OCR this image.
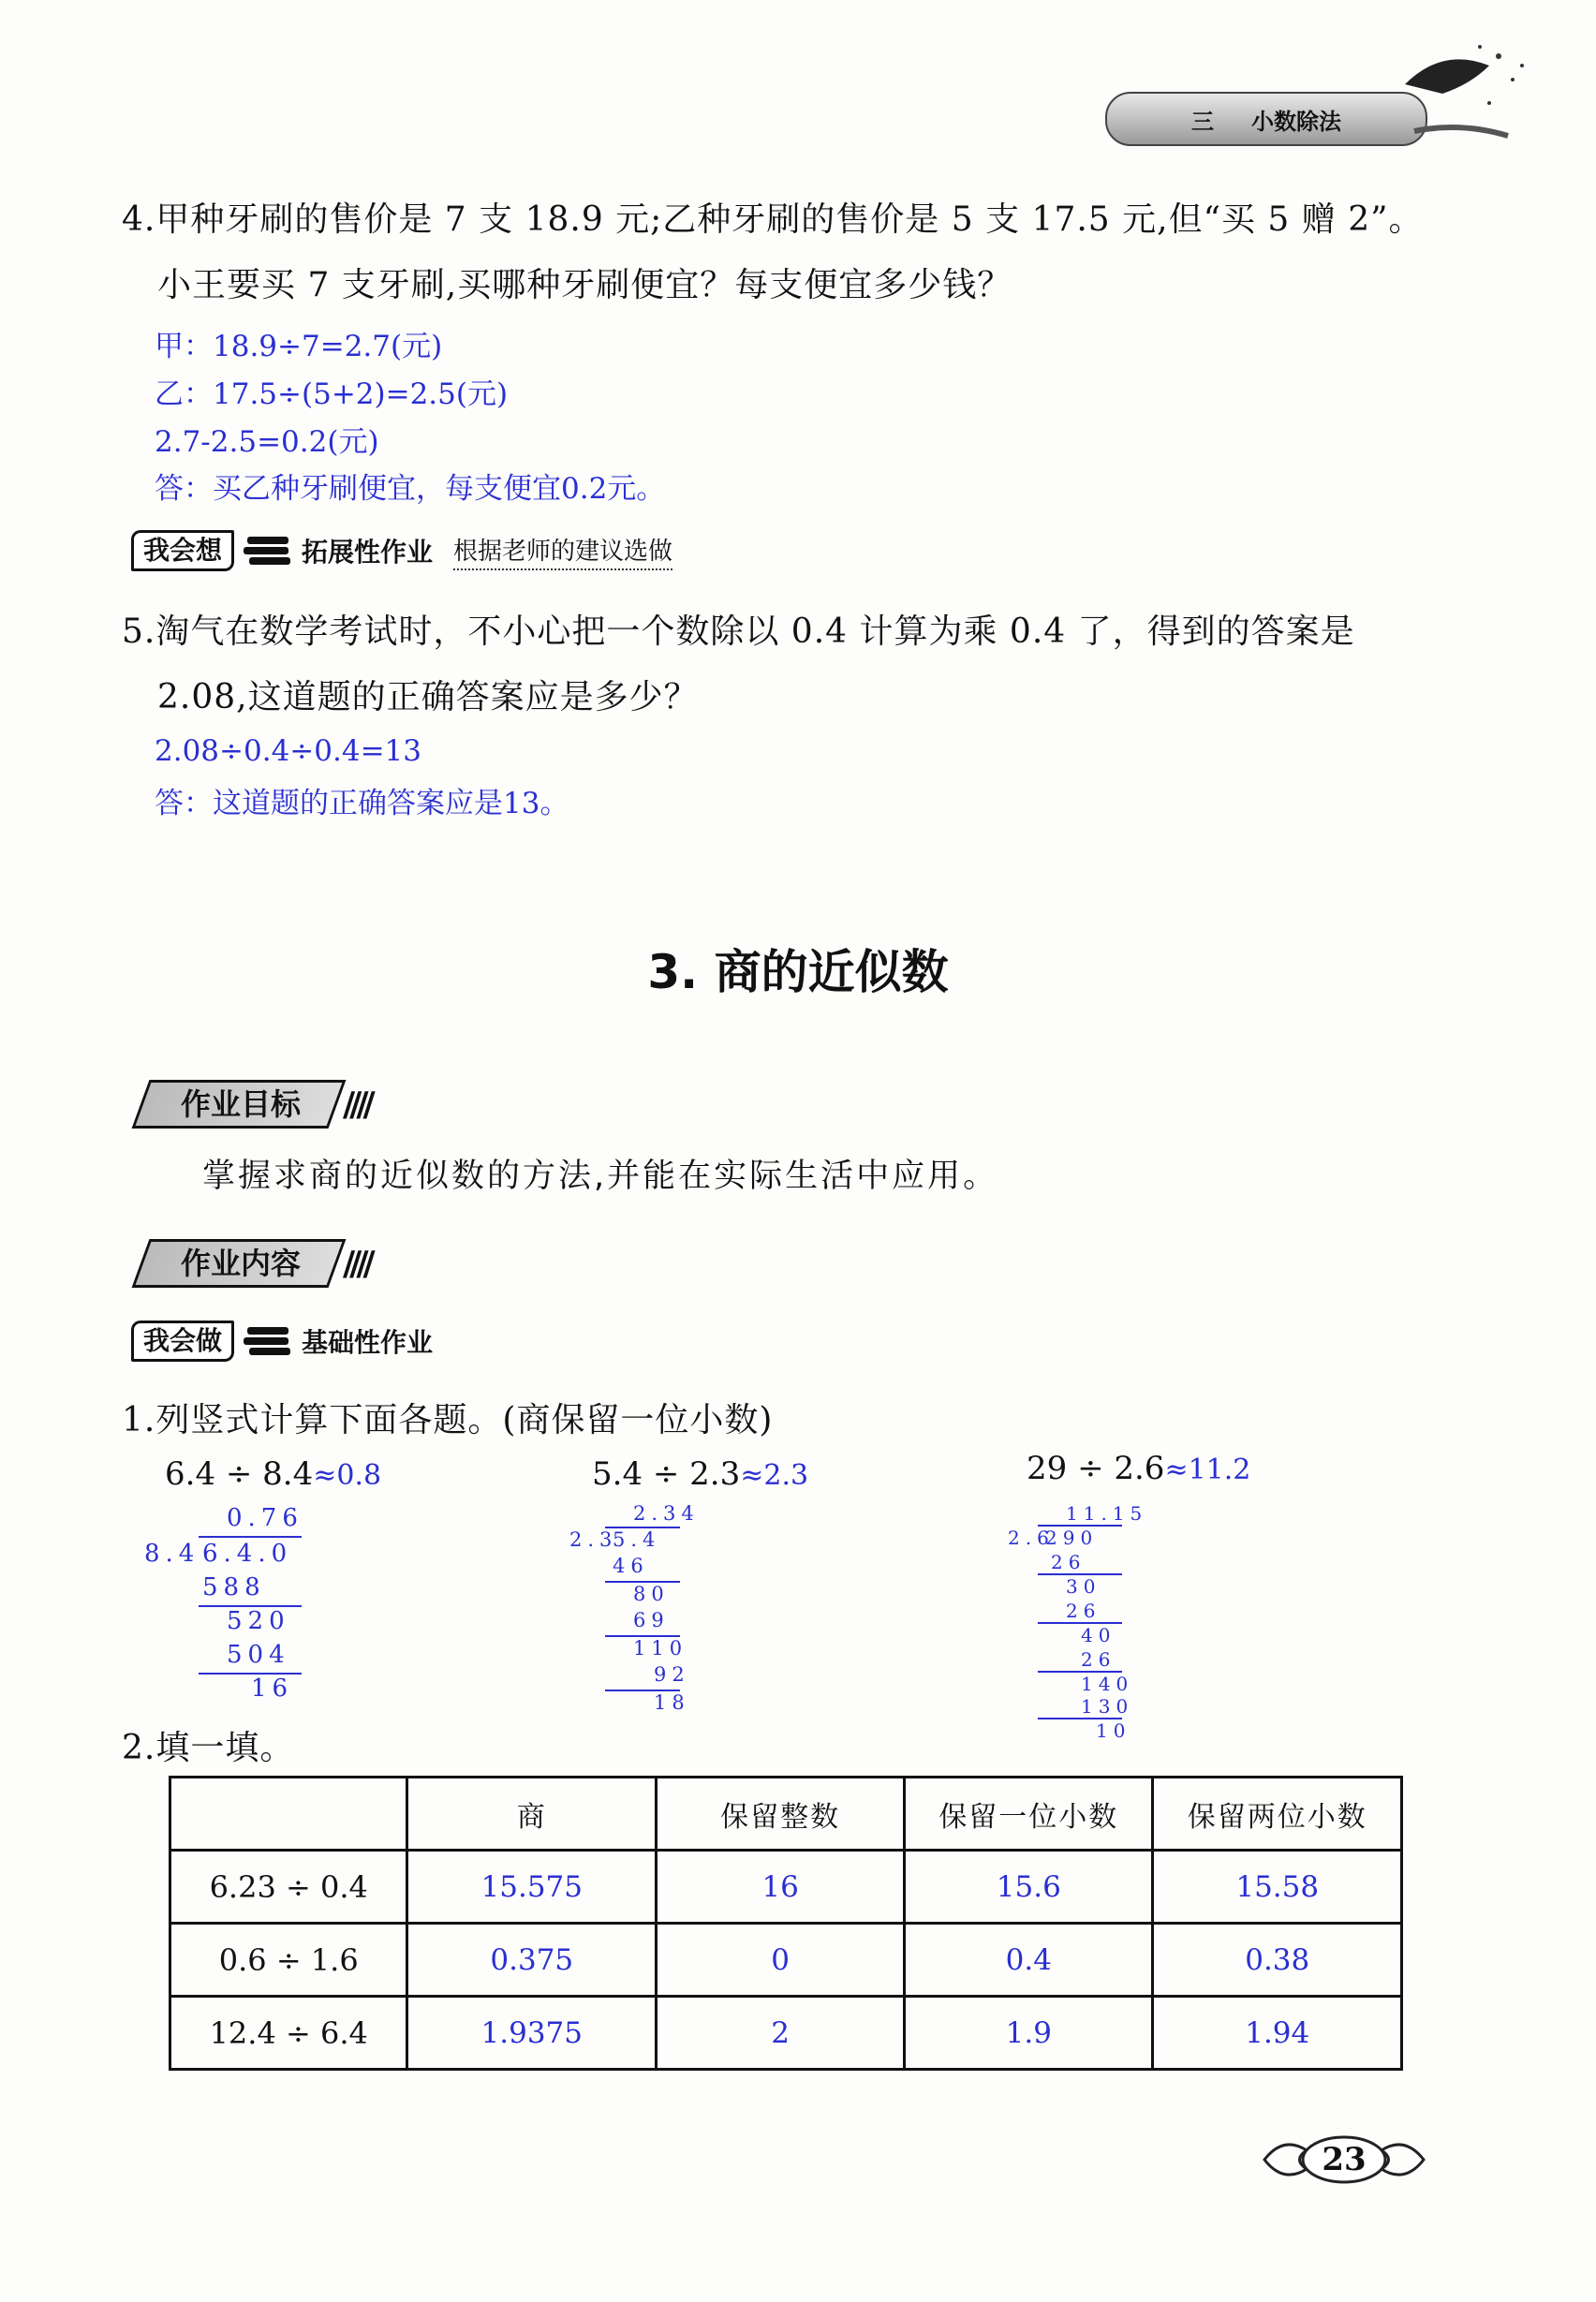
三 小数除法
4.甲种牙刷的售价是 7 支 18.9 元;乙种牙刷的售价是 5 支 17.5 元,但“买 5 赠 2”。
小王要买 7 支牙刷,买哪种牙刷便宜？每支便宜多少钱？
甲：18.9÷7=2.7(元)
乙：17.5÷(5+2)=2.5(元)
2.7-2.5=0.2(元)
答：买乙种牙刷便宜，每支便宜0.2元。
我会想	拓展性作业 根据老师的建议选做
5.淘气在数学考试时，不小心把一个数除以 0.4 计算为乘 0.4 了，得到的答案是
2.08,这道题的正确答案应是多少？
2.08÷0.4÷0.4=13
答：这道题的正确答案应是13。
3. 商的近似数
作业目标	////
掌握求商的近似数的方法,并能在实际生活中应用。
作业内容	////
我会做	基础性作业
1.列竖式计算下面各题。(商保留一位小数)
6.4 ÷ 8.4≈0.8	5.4 ÷ 2.3≈2.3	29 ÷ 2.6≈11.2
0.76
8.4 6.4.0
588
520
504
16
2.34
2.3
5.4
46
80
69
110
92
18
11.15
2.6
290
26
30
26
40
26
140
130
10
2.填一填。
	商	保留整数	保留一位小数	保留两位小数
6.23 ÷ 0.4	15.575	16	15.6	15.58
0.6 ÷ 1.6	0.375	0	0.4	0.38
12.4 ÷ 6.4	1.9375	2	1.9	1.94
23
